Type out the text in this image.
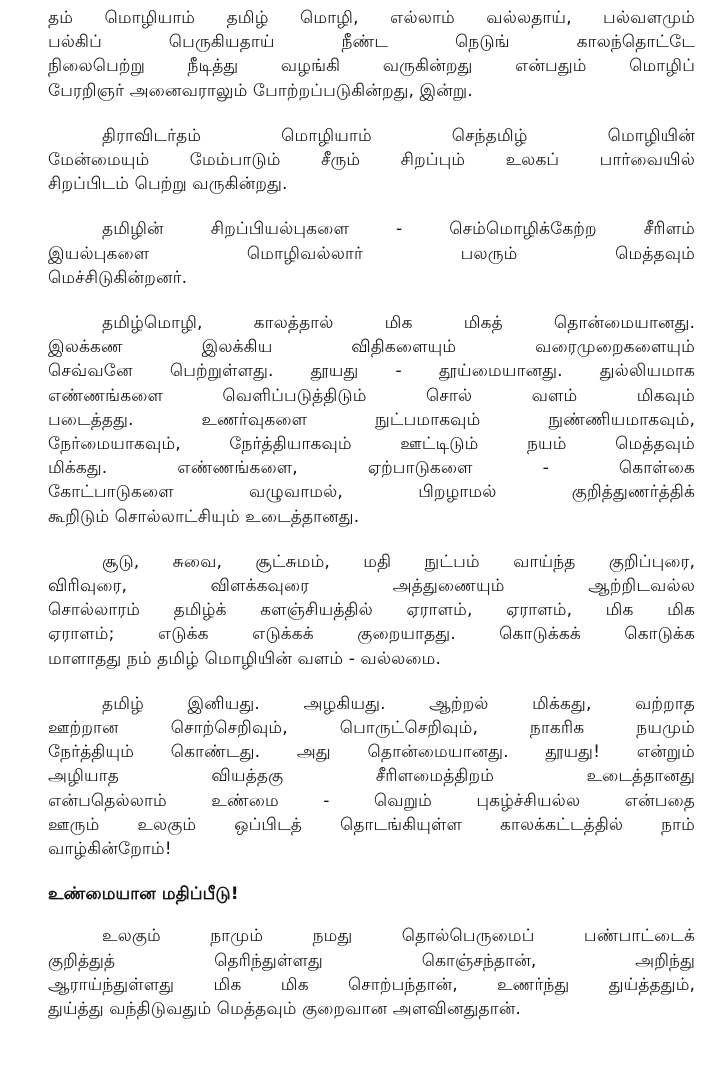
தம் மொழியாம் தமிழ் மொழி, எல்லாம் வல்லதாய், பல்வளமும்
பல்கிப் பெருகியதாய் நீண்ட நெடுங் காலந்தொட்டே
நிலைபெற்று நீடித்து வழங்கி வருகின்றது என்பதும் மொழிப்
பேரறிஞர் அனைவராலும் போற்றப்படுகின்றது, இன்று.

திராவிடர்தம் மொழியாம் செந்தமிழ் மொழியின்
மேன்மையும் மேம்பாடும் சீரும் சிறப்பும் உலகப் பார்வையில்
சிறப்பிடம் பெற்று வருகின்றது.

தமிழின் சிறப்பியல்புகளை - செம்மொழிக்கேற்ற சீரிளம்
இயல்புகளை மொழிவல்லார் பலரும் மெத்தவும்
மெச்சிடுகின்றனர்.

தமிழ்மொழி, காலத்தால் மிக மிகத் தொன்மையானது.
இலக்கண இலக்கிய விதிகளையும் வரைமுறைகளையும்
செவ்வனே பெற்றுள்ளது. தூயது - தூய்மையானது. துல்லியமாக
எண்ணங்களை வெளிப்படுத்திடும் சொல் வளம் மிகவும்
படைத்தது. உணர்வுகளை நுட்பமாகவும் நுண்ணியமாகவும்,
நேர்மையாகவும், நேர்த்தியாகவும் ஊட்டிடும் நயம் மெத்தவும்
மிக்கது. எண்ணங்களை, ஏற்பாடுகளை - கொள்கை
கோட்பாடுகளை வழுவாமல், பிறழாமல் குறித்துணர்த்திக்
கூறிடும் சொல்லாட்சியும் உடைத்தானது.

சூடு, சுவை, சூட்சுமம், மதி நுட்பம் வாய்ந்த குறிப்புரை,
விரிவுரை, விளக்கவுரை அத்துணையும் ஆற்றிடவல்ல
சொல்லாரம் தமிழ்க் களஞ்சியத்தில் ஏராளம், ஏராளம், மிக மிக
ஏராளம்; எடுக்க எடுக்கக் குறையாதது. கொடுக்கக் கொடுக்க
மாளாதது நம் தமிழ் மொழியின் வளம் - வல்லமை.

தமிழ் இனியது. அழகியது. ஆற்றல் மிக்கது, வற்றாத
ஊற்றான சொற்செறிவும், பொருட்செறிவும், நாகரிக நயமும்
நேர்த்தியும் கொண்டது. அது தொன்மையானது. தூயது! என்றும்
அழியாத வியத்தகு சீரிளமைத்திறம் உடைத்தானது
என்பதெல்லாம் உண்மை - வெறும் புகழ்ச்சியல்ல என்பதை
ஊரும் உலகும் ஒப்பிடத் தொடங்கியுள்ள காலக்கட்டத்தில் நாம்
வாழ்கின்றோம்!

உண்மையான மதிப்பீடு!

உலகும் நாமும் நமது தொல்பெருமைப் பண்பாட்டைக்
குறித்துத் தெரிந்துள்ளது கொஞ்சந்தான், அறிந்து
ஆராய்ந்துள்ளது மிக மிக சொற்பந்தான், உணர்ந்து துய்த்ததும்,
துய்த்து வந்திடுவதும் மெத்தவும் குறைவான அளவினதுதான்.
